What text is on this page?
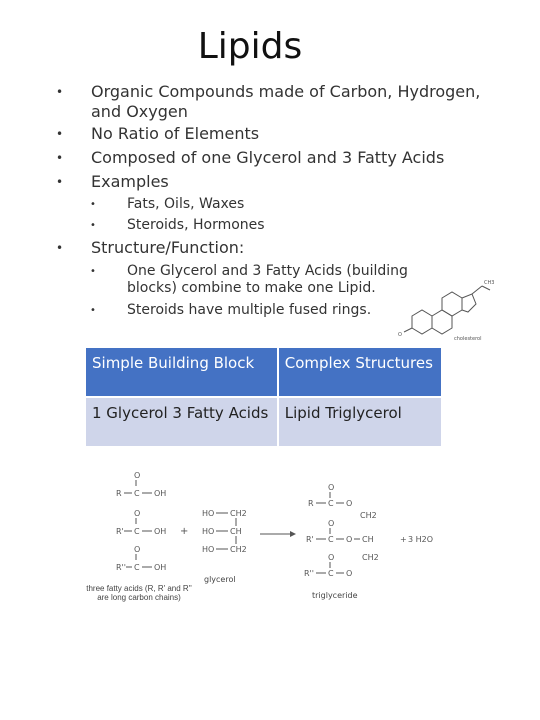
Lipids
• Organic Compounds made of Carbon, Hydrogen, and Oxygen
• No Ratio of Elements
• Composed of one Glycerol and 3 Fatty Acids
• Examples
• Fats, Oils, Waxes
• Steroids, Hormones
• Structure/Function:
• One Glycerol and 3 Fatty Acids (building blocks) combine to make one Lipid.
• Steroids have multiple fused rings.
O
CH3
cholesterol
Simple Building Block	Complex Structures
1 Glycerol 3 Fatty Acids	Lipid Triglycerol
O
R C OH
O
R' C OH
O
R'' C OH
+
HO CH2
HO CH
HO CH2
O
R C O
CH2
O
R' C O CH
O	CH2
R'' C O
+ 3 H2O
three fatty acids (R, R' and R'' are long carbon chains)
glycerol
triglyceride
